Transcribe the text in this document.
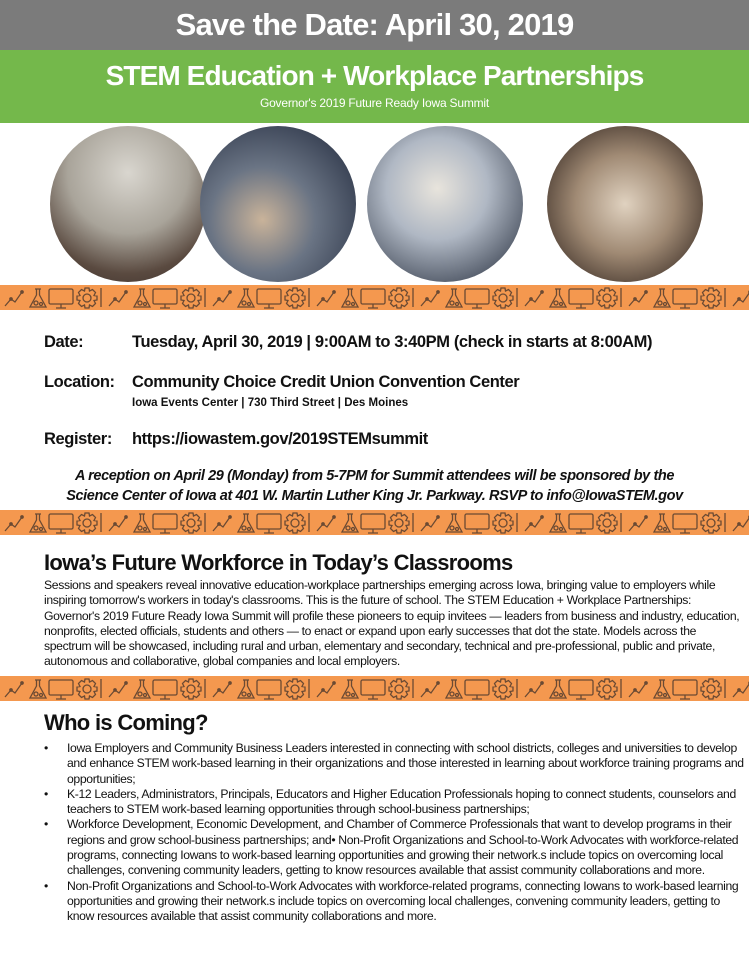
Save the Date: April 30, 2019
STEM Education + Workplace Partnerships

Governor's 2019 Future Ready Iowa Summit

Date:	Tuesday, April 30, 2019 | 9:00AM to 3:40PM (check in starts at 8:00AM)
Location: Community Choice Credit Union Convention Center
Iowa Events Center | 730 Third Street | Des Moines
Register: https://iowastem.gov/2019STEMsummit
A reception on April 29 (Monday) from 5-7PM for Summit attendees will be sponsored by the
Science Center of Iowa at 401 W. Martin Luther King Jr. Parkway. RSVP to info@IowaSTEM.gov
Iowa’s Future Workforce in Today’s Classrooms
Sessions and speakers reveal innovative education-workplace partnerships emerging across Iowa, bringing value to employers while inspiring tomorrow's workers in today's classrooms. This is the future of school. The STEM Education + Workplace Partnerships: Governor's 2019 Future Ready Iowa Summit will profile these pioneers to equip invitees — leaders from business and industry, education, nonprofits, elected officials, students and others — to enact or expand upon early successes that dot the state. Models across the spectrum will be showcased, including rural and urban, elementary and secondary, technical and pre-professional, public and private, autonomous and collaborative, global companies and local employers.
Who is Coming?
• Iowa Employers and Community Business Leaders interested in connecting with school districts, colleges and universities to develop and enhance STEM work-based learning in their organizations and those interested in learning about workforce training programs and opportunities;
• K-12 Leaders, Administrators, Principals, Educators and Higher Education Professionals hoping to connect students, counselors and teachers to STEM work-based learning opportunities through school-business partnerships;
• Workforce Development, Economic Development, and Chamber of Commerce Professionals that want to develop programs in their regions and grow school-business partnerships; and• Non-Profit Organizations and School-to-Work Advocates with workforce-related programs, connecting Iowans to work-based learning opportunities and growing their network.s include topics on overcoming local challenges, convening community leaders, getting to know resources available that assist community collaborations and more.
• Non-Profit Organizations and School-to-Work Advocates with workforce-related programs, connecting Iowans to work-based learning opportunities and growing their network.s include topics on overcoming local challenges, convening community leaders, getting to know resources available that assist community collaborations and more.
